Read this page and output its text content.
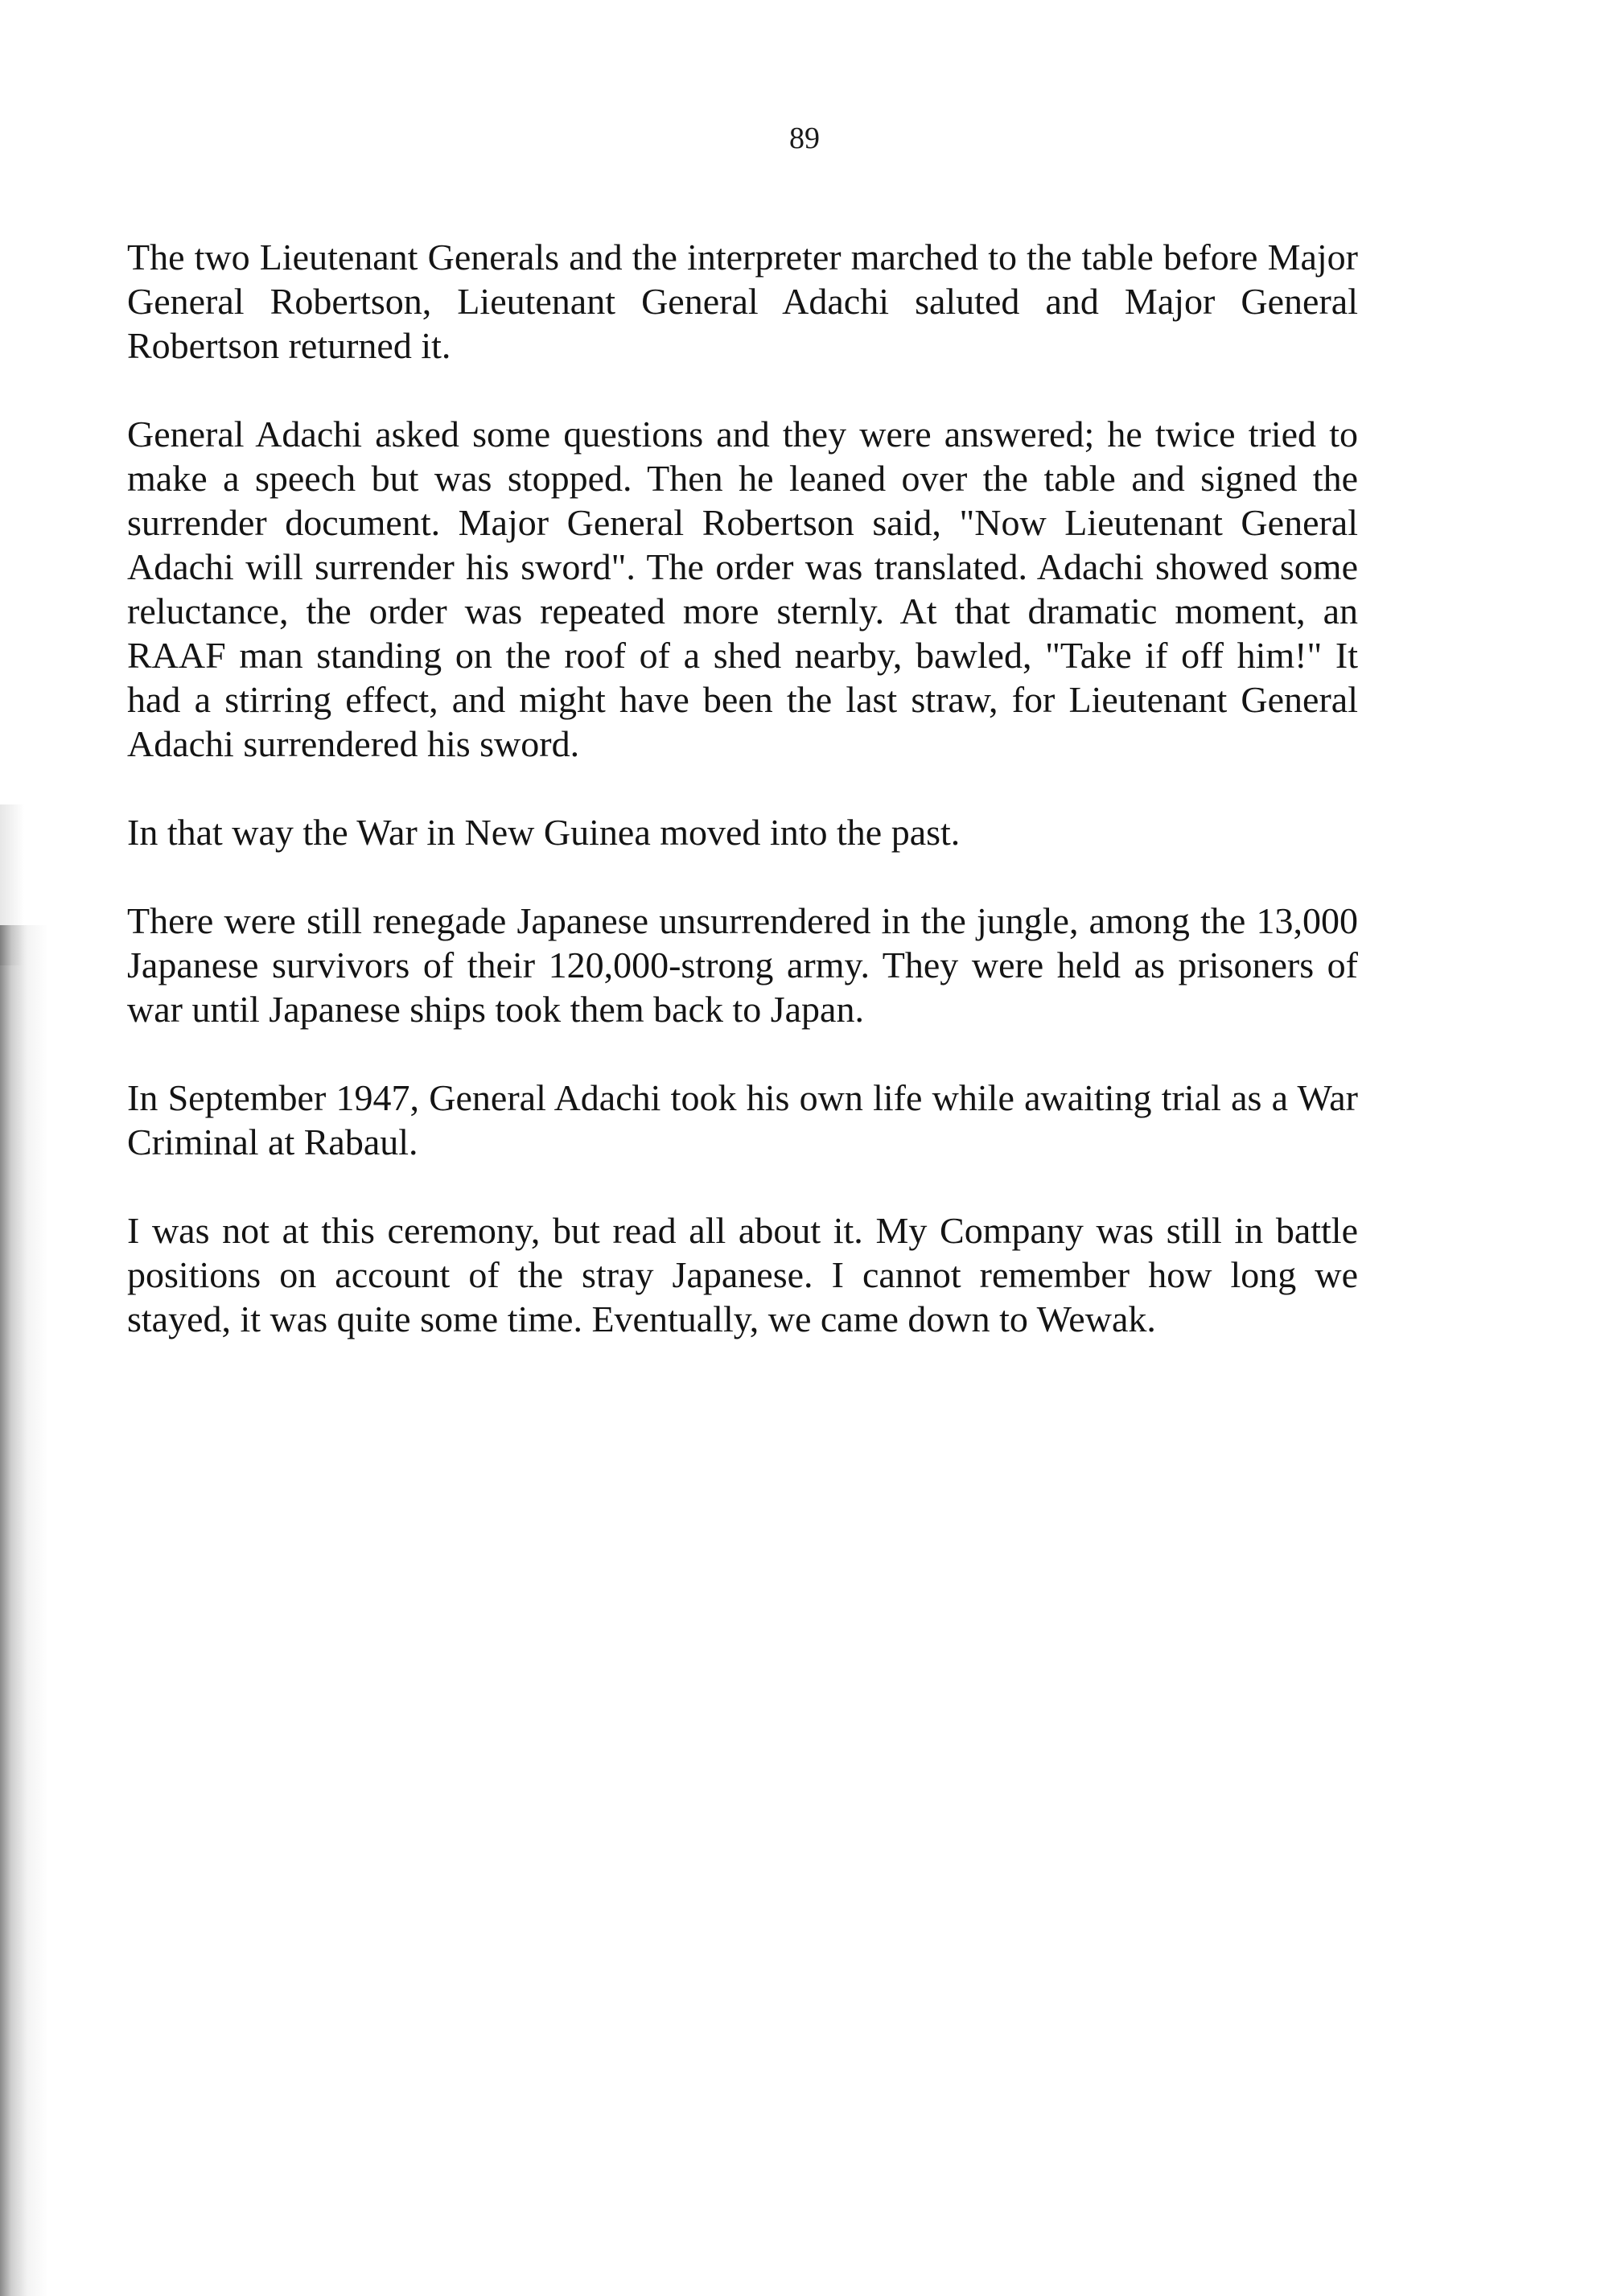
89

The two Lieutenant Generals and the interpreter marched to the table before Major General Robertson, Lieutenant General Adachi saluted and Major General Robertson returned it.

General Adachi asked some questions and they were answered; he twice tried to make a speech but was stopped. Then he leaned over the table and signed the surrender document. Major General Robertson said, "Now Lieutenant General Adachi will surrender his sword". The order was translated. Adachi showed some reluctance, the order was repeated more sternly. At that dramatic moment, an RAAF man standing on the roof of a shed nearby, bawled, "Take if off him!" It had a stirring effect, and might have been the last straw, for Lieutenant General Adachi surrendered his sword.

In that way the War in New Guinea moved into the past.

There were still renegade Japanese unsurrendered in the jungle, among the 13,000 Japanese survivors of their 120,000-strong army. They were held as prisoners of war until Japanese ships took them back to Japan.

In September 1947, General Adachi took his own life while awaiting trial as a War Criminal at Rabaul.

I was not at this ceremony, but read all about it. My Company was still in battle positions on account of the stray Japanese. I cannot remember how long we stayed, it was quite some time. Eventually, we came down to Wewak.
